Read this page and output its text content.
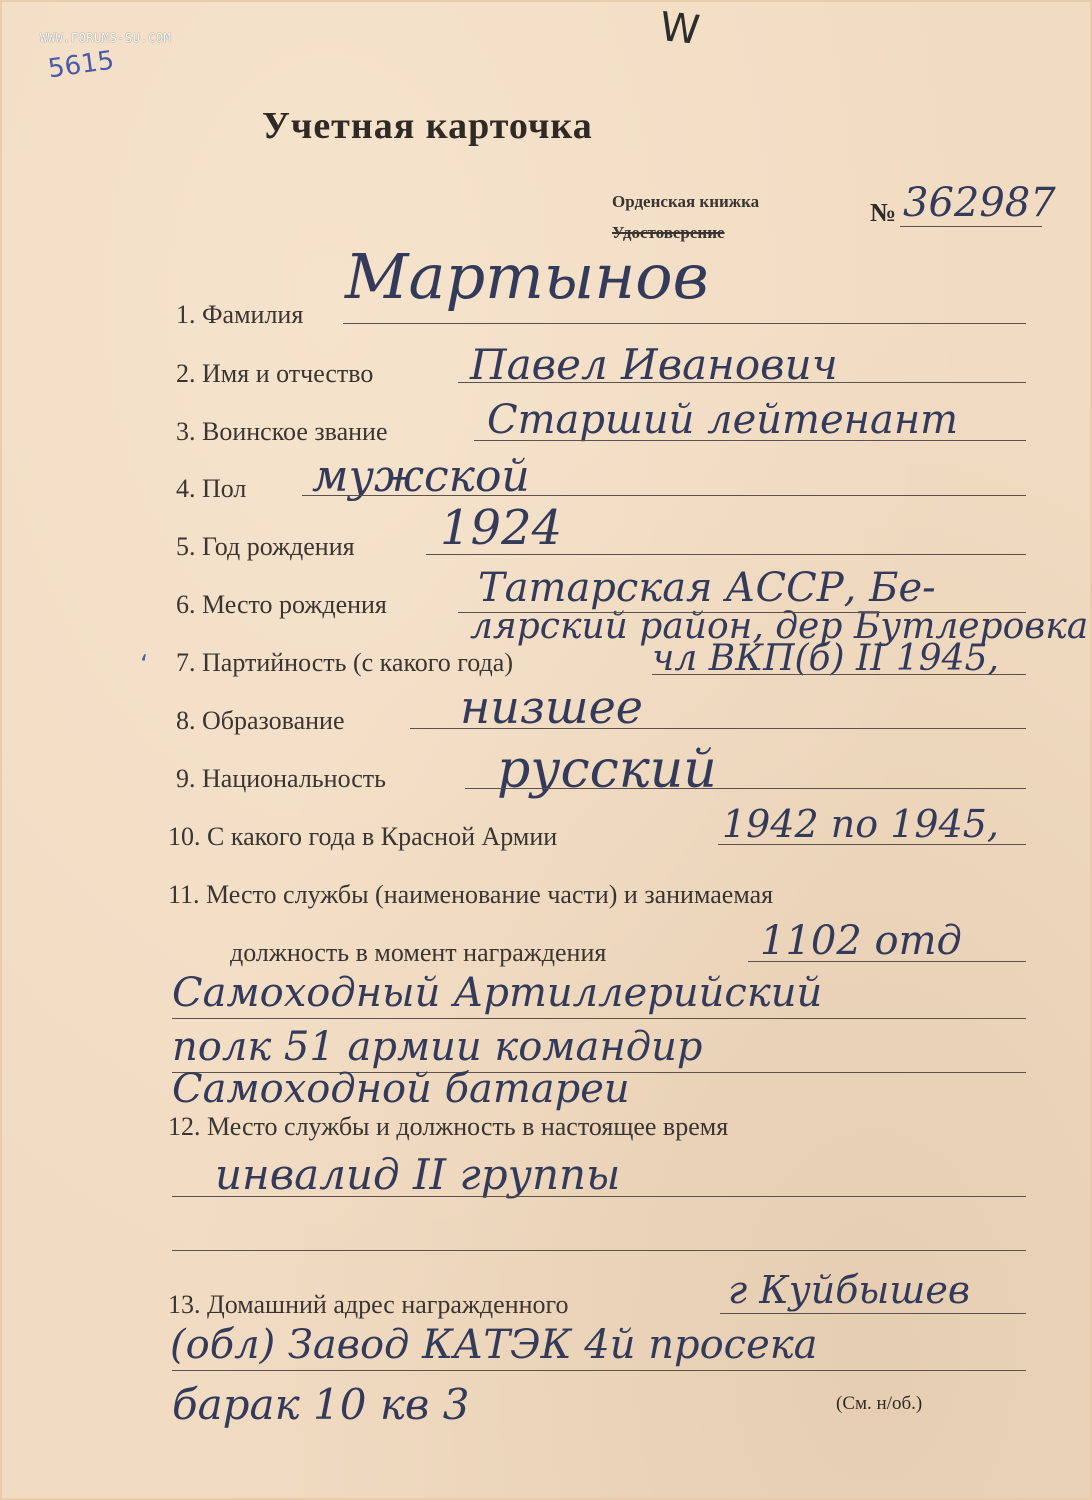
WWW.FORUMS-SU.COM
5615
W
Учетная карточка
Орденская книжка
Удостоверение
№ 362987
1. Фамилия
Мартынов
2. Имя и отчество Павел Иванович
3. Воинское звание Старший лейтенант
4. Пол мужской
5. Год рождения 1924
6. Место рождения Татарская АССР, Бе-
лярский район, дер Бутлеровка
ʻ 7. Партийность (с какого года)	чл ВКП(б) II 1945,
8. Образование	низшее
9. Национальность русский
10. С какого года в Красной Армии	1942 по 1945,
11. Место службы (наименование части) и занимаемая
должность в момент награждения	1102 отд
Самоходный Артиллерийский
полк 51 армии командир
Самоходной батареи
12. Место службы и должность в настоящее время
инвалид II группы
13. Домашний адрес награжденного	г Куйбышев
(обл) Завод КАТЭК 4й просека
барак 10 кв 3	(См. н/об.)
